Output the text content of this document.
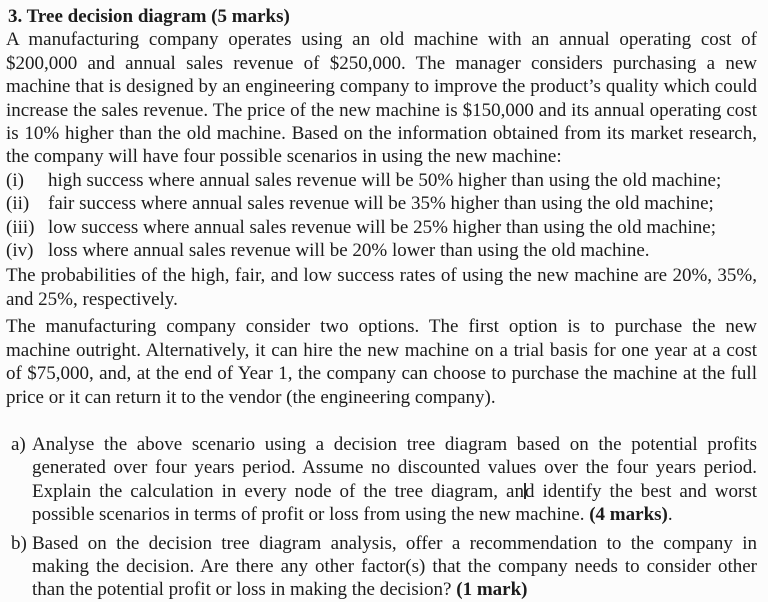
3. Tree decision diagram (5 marks)

A manufacturing company operates using an old machine with an annual operating cost of $200,000 and annual sales revenue of $250,000. The manager considers purchasing a new machine that is designed by an engineering company to improve the product’s quality which could increase the sales revenue. The price of the new machine is $150,000 and its annual operating cost is 10% higher than the old machine. Based on the information obtained from its market research, the company will have four possible scenarios in using the new machine:

(i)	high success where annual sales revenue will be 50% higher than using the old machine;
(ii) fair success where annual sales revenue will be 35% higher than using the old machine;
(iii) low success where annual sales revenue will be 25% higher than using the old machine;
(iv) loss where annual sales revenue will be 20% lower than using the old machine.

The probabilities of the high, fair, and low success rates of using the new machine are 20%, 35%, and 25%, respectively.

The manufacturing company consider two options. The first option is to purchase the new machine outright. Alternatively, it can hire the new machine on a trial basis for one year at a cost of $75,000, and, at the end of Year 1, the company can choose to purchase the machine at the full price or it can return it to the vendor (the engineering company).

a) Analyse the above scenario using a decision tree diagram based on the potential profits generated over four years period. Assume no discounted values over the four years period. Explain the calculation in every node of the tree diagram, and identify the best and worst possible scenarios in terms of profit or loss from using the new machine. (4 marks).
b) Based on the decision tree diagram analysis, offer a recommendation to the company in making the decision. Are there any other factor(s) that the company needs to consider other than the potential profit or loss in making the decision? (1 mark)
